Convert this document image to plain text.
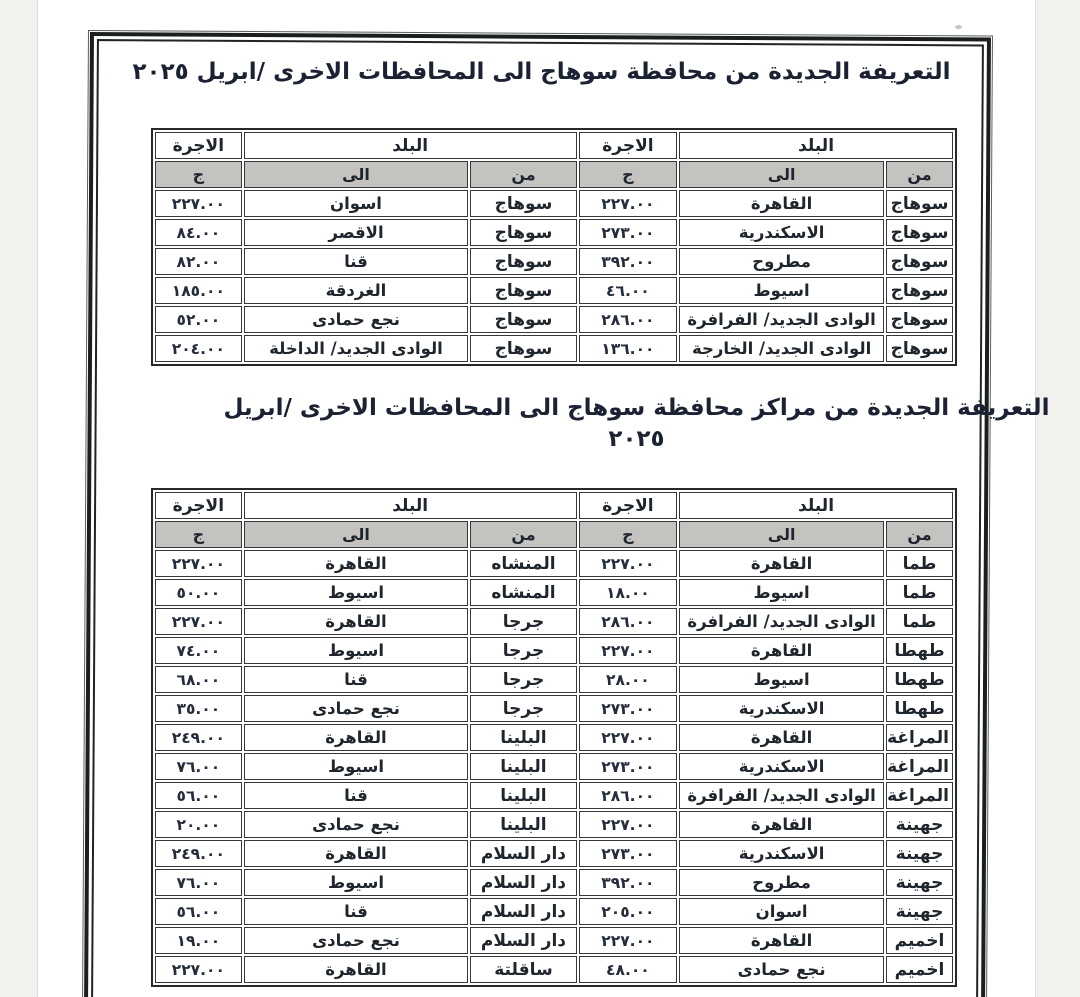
التعريفة الجديدة من محافظة سوهاج الى المحافظات الاخرى /ابريل ٢٠٢٥
البلد		الاجرة	البلد		الاجرة
من	الى	ج	من	الى	ج
سوهاج	القاهرة	٢٢٧.٠٠	سوهاج	اسوان	٢٢٧.٠٠
سوهاج	الاسكندرية	٢٧٣.٠٠	سوهاج	الاقصر	٨٤.٠٠
سوهاج	مطروح	٣٩٢.٠٠	سوهاج	قنا	٨٢.٠٠
سوهاج	اسيوط	٤٦.٠٠	سوهاج	الغردقة	١٨٥.٠٠
سوهاج	الوادى الجديد/ الفرافرة	٢٨٦.٠٠	سوهاج	نجع حمادى	٥٢.٠٠
سوهاج	الوادى الجديد/ الخارجة	١٣٦.٠٠	سوهاج	الوادى الجديد/ الداخلة	٢٠٤.٠٠
التعريفة الجديدة من مراكز محافظة سوهاج الى المحافظات الاخرى /ابريل ٢٠٢٥
البلد		الاجرة	البلد		الاجرة
من	الى	ج	من	الى	ج
طما	القاهرة	٢٢٧.٠٠	المنشاه	القاهرة	٢٢٧.٠٠
طما	اسيوط	١٨.٠٠	المنشاه	اسيوط	٥٠.٠٠
طما	الوادى الجديد/ الفرافرة	٢٨٦.٠٠	جرجا	القاهرة	٢٢٧.٠٠
طهطا	القاهرة	٢٢٧.٠٠	جرجا	اسيوط	٧٤.٠٠
طهطا	اسيوط	٢٨.٠٠	جرجا	قنا	٦٨.٠٠
طهطا	الاسكندرية	٢٧٣.٠٠	جرجا	نجع حمادى	٣٥.٠٠
المراغة	القاهرة	٢٢٧.٠٠	البلينا	القاهرة	٢٤٩.٠٠
المراغة	الاسكندرية	٢٧٣.٠٠	البلينا	اسيوط	٧٦.٠٠
المراغة	الوادى الجديد/ الفرافرة	٢٨٦.٠٠	البلينا	قنا	٥٦.٠٠
جهينة	القاهرة	٢٢٧.٠٠	البلينا	نجع حمادى	٢٠.٠٠
جهينة	الاسكندرية	٢٧٣.٠٠	دار السلام	القاهرة	٢٤٩.٠٠
جهينة	مطروح	٣٩٢.٠٠	دار السلام	اسيوط	٧٦.٠٠
جهينة	اسوان	٢٠٥.٠٠	دار السلام	قنا	٥٦.٠٠
اخميم	القاهرة	٢٢٧.٠٠	دار السلام	نجع حمادى	١٩.٠٠
اخميم	نجع حمادى	٤٨.٠٠	ساقلتة	القاهرة	٢٢٧.٠٠
